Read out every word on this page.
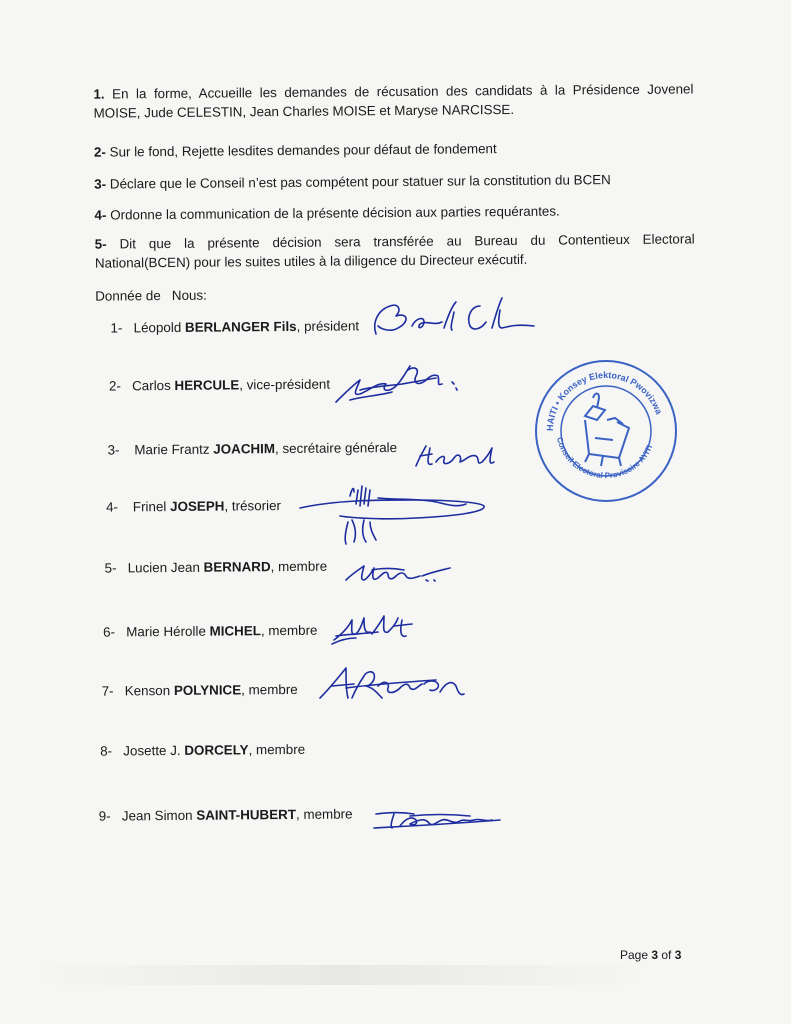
1. En la forme, Accueille les demandes de récusation des candidats à la Présidence Jovenel
MOISE, Jude CELESTIN, Jean Charles MOISE et Maryse NARCISSE.
2- Sur le fond, Rejette lesdites demandes pour défaut de fondement
3- Déclare que le Conseil n’est pas compétent pour statuer sur la constitution du BCEN
4- Ordonne la communication de la présente décision aux parties requérantes.
5- Dit que la présente décision sera transférée au Bureau du Contentieux Electoral
National(BCEN) pour les suites utiles à la diligence du Directeur exécutif.
Donnée de   Nous:
1- Léopold BERLANGER Fils, président
2- Carlos HERCULE, vice-président
3- Marie Frantz JOACHIM, secrétaire générale
4- Frinel JOSEPH, trésorier
5- Lucien Jean BERNARD, membre
6- Marie Hérolle MICHEL, membre
7- Kenson POLYNICE, membre
8- Josette J. DORCELY, membre
9- Jean Simon SAINT-HUBERT, membre
HAITI • Konsey Elektoral Pwovizwa
Conseil Electoral Provisoire AYITI
Page 3 of 3
